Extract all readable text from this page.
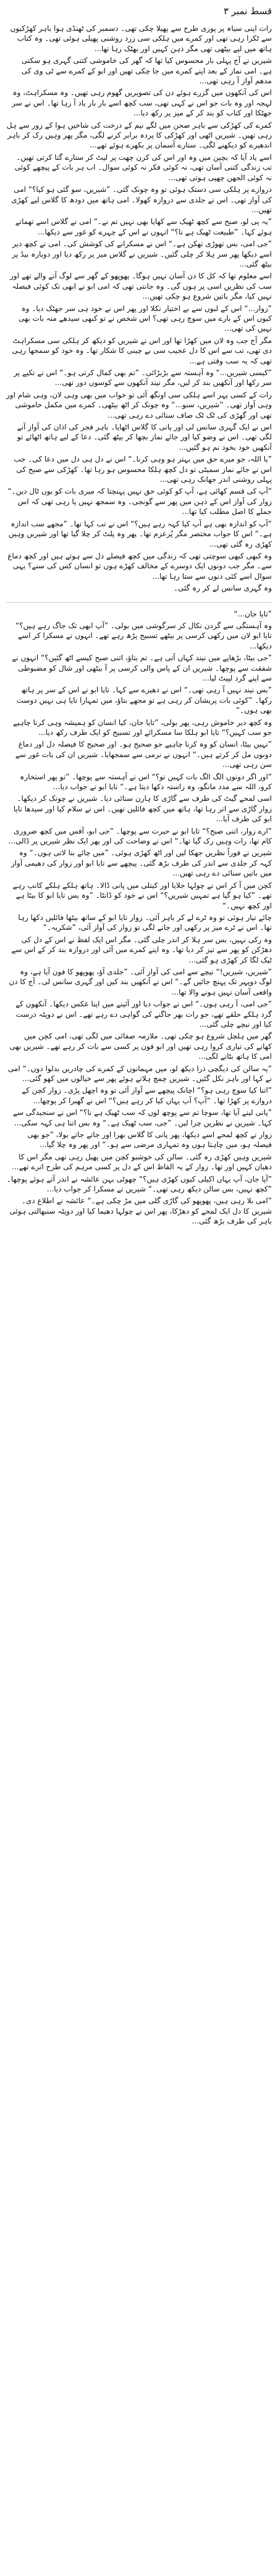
قسط نمبر ۳

رات اپنی سیاہ پر پوری طرح سے پھیلا چکی تھی۔ دسمبر کی ٹھنڈی ہوا باہر کھڑکیوں سے ٹکرا رہی تھی اور کمرے میں ہلکی سی زرد روشنی پھیلی ہوئی تھی۔ وہ کتاب ہاتھ میں لیے بیٹھی تھی مگر ذہن کہیں اور بھٹک رہا تھا...

شیریں نے آج پہلی بار محسوس کیا تھا کہ گھر کی خاموشی کتنی گہری ہو سکتی ہے۔ امی نماز کے بعد اپنے کمرے میں جا چکی تھیں اور ابو کے کمرے سے ٹی وی کی مدھم آواز آ رہی تھی...

اس کی آنکھوں میں گزرے ہوئے دن کی تصویریں گھوم رہی تھیں۔ وہ مسکراہٹ، وہ لہجہ اور وہ بات جو اس نے کہی تھی، سب کچھ اسے بار بار یاد آ رہا تھا۔ اس نے سر جھٹکا اور کتاب کو بند کر کے میز پر رکھ دیا...

کمرے کی کھڑکی سے باہر صحن میں لگے نیم کے درخت کی شاخیں ہوا کے زور سے ہل رہی تھیں۔ شیریں اٹھی اور کھڑکی کا پردہ برابر کرنے لگی، مگر پھر وہیں رک کر باہر اندھیرے کو دیکھنے لگی۔ ستارے آسمان پر بکھرے ہوئے تھے...

اسے یاد آیا کہ بچپن میں وہ اور اس کی کزن چھت پر لیٹ کر ستارے گنا کرتی تھیں۔ تب زندگی کتنی آسان تھی، نہ کوئی فکر نہ کوئی سوال۔ اب ہر بات کے پیچھے کوئی نہ کوئی الجھن چھپی ہوتی تھی...

دروازے پر ہلکی سی دستک ہوئی تو وہ چونک گئی۔ ”شیریں، سو گئی ہو کیا؟“ امی کی آواز تھی۔ اس نے جلدی سے دروازہ کھولا۔ امی ہاتھ میں دودھ کا گلاس لیے کھڑی تھیں...

”یہ پی لو، صبح سے کچھ ٹھیک سے کھایا بھی نہیں تم نے۔“ امی نے گلاس اسے تھماتے ہوئے کہا۔ ”طبیعت ٹھیک ہے نا؟“ انہوں نے اس کے چہرے کو غور سے دیکھا...

”جی امی، بس تھوڑی تھکن ہے۔“ اس نے مسکرانے کی کوشش کی۔ امی نے کچھ دیر اسے دیکھا پھر سر ہلا کر چلی گئیں۔ شیریں نے گلاس میز پر رکھ دیا اور دوبارہ بیڈ پر بیٹھ گئی...

اسے معلوم تھا کہ کل کا دن آسان نہیں ہوگا۔ پھوپھو کے گھر سے لوگ آنے والے تھے اور سب کی نظریں اسی پر ہوں گی۔ وہ جانتی تھی کہ امی ابو نے ابھی تک کوئی فیصلہ نہیں کیا، مگر باتیں شروع ہو چکی تھیں...

”زوار...“ اس کے لبوں سے بے اختیار نکلا اور پھر اس نے خود ہی سر جھٹک دیا۔ وہ کیوں اس کے بارے میں سوچ رہی تھی؟ اس شخص نے تو کبھی سیدھے منہ بات بھی نہیں کی تھی...

مگر آج جب وہ لان میں کھڑا تھا اور اس نے شیریں کو دیکھ کر ہلکی سی مسکراہٹ دی تھی، تب سے اس کا دل عجیب سی بے چینی کا شکار تھا۔ وہ خود کو سمجھا رہی تھی کہ یہ سب وقتی ہے...

”کیسی شیریں...“ وہ آہستہ سے بڑبڑائی۔ ”تم بھی کمال کرتی ہو۔“ اس نے تکیے پر سر رکھا اور آنکھیں بند کر لیں، مگر نیند آنکھوں سے کوسوں دور تھی...

رات کے کسی پہر اسے ہلکی سی اونگھ آئی تو خواب میں بھی وہی لان، وہی شام اور وہی آواز تھی۔ ”شیریں، سنو...“ وہ چونک کر اٹھ بیٹھی۔ کمرے میں مکمل خاموشی تھی اور گھڑی کی ٹک ٹک صاف سنائی دے رہی تھی...

اس نے ایک گہری سانس لی اور پانی کا گلاس اٹھایا۔ باہر فجر کی اذان کی آواز آنے لگی تھی۔ اس نے وضو کیا اور جائے نماز بچھا کر بیٹھ گئی۔ دعا کے لیے ہاتھ اٹھائے تو آنکھیں خود بخود نم ہو گئیں...

”یا اللہ، جو میرے حق میں بہتر ہو وہی کرنا۔“ اس نے دل ہی دل میں دعا کی۔ جب اس نے جائے نماز سمیٹی تو دل کچھ ہلکا محسوس ہو رہا تھا۔ کھڑکی سے صبح کی پہلی روشنی اندر جھانک رہی تھی...

”آپ کی قسم کھائی ہے، آپ کو کوئی حق نہیں پہنچتا کہ میری بات کو یوں ٹال دیں۔“ زوار کی آواز اس کے ذہن میں پھر سے گونجی۔ وہ سمجھ نہیں پا رہی تھی کہ اس جملے کا اصل مطلب کیا تھا...

”آپ کو اندازہ بھی ہے آپ کیا کہہ رہے ہیں؟“ اس نے تب کہا تھا۔ ”مجھے سب اندازہ ہے۔“ اس کا جواب مختصر مگر پُرعزم تھا۔ پھر وہ پلٹ کر چلا گیا تھا اور شیریں وہیں کھڑی رہ گئی تھی...

وہ کبھی کبھی سوچتی تھی کہ زندگی میں کچھ فیصلے دل سے ہوتے ہیں اور کچھ دماغ سے۔ مگر جب دونوں ایک دوسرے کے مخالف کھڑے ہوں تو انسان کس کی سنے؟ یہی سوال اسے کئی دنوں سے ستا رہا تھا...

وہ گہری سانس لے کر رہ گئی۔

”تایا جان...“

وہ آہستگی سے گردن نکال کر سرگوشی میں بولی۔ ”آپ ابھی تک جاگ رہے ہیں؟“ تایا ابو لان میں رکھی کرسی پر بیٹھے تسبیح پڑھ رہے تھے۔ انہوں نے مسکرا کر اسے دیکھا...

”جی بیٹا، بڑھاپے میں نیند کہاں آتی ہے۔ تم بتاؤ، اتنی صبح کیسے اٹھ گئیں؟“ انہوں نے شفقت سے پوچھا۔ شیریں ان کے پاس والی کرسی پر آ بیٹھی اور شال کو مضبوطی سے اپنے گرد لپیٹ لیا...

”بس نیند نہیں آ رہی تھی۔“ اس نے دھیرے سے کہا۔ تایا ابو نے اس کے سر پر ہاتھ رکھا۔ ”کوئی بات پریشان کر رہی ہے تو مجھے بتاؤ، میں تمہارا تایا ہی نہیں دوست بھی ہوں۔“

وہ کچھ دیر خاموش رہی، پھر بولی، ”تایا جان، کیا انسان کو ہمیشہ وہی کرنا چاہیے جو سب کہیں؟“ تایا ابو ہلکا سا مسکرائے اور تسبیح کو ایک طرف رکھ دیا...

”نہیں بیٹا، انسان کو وہ کرنا چاہیے جو صحیح ہو۔ اور صحیح کا فیصلہ دل اور دماغ دونوں مل کر کرتے ہیں۔“ انہوں نے نرمی سے سمجھایا۔ شیریں ان کی بات غور سے سن رہی تھی...

”اور اگر دونوں الگ الگ بات کہیں تو؟“ اس نے آہستہ سے پوچھا۔ ”تو پھر استخارہ کرو، اللہ سے مدد مانگو، وہ راستہ دکھا دیتا ہے۔“ تایا ابو نے جواب دیا...

اسی لمحے گیٹ کی طرف سے گاڑی کا ہارن سنائی دیا۔ شیریں نے چونک کر دیکھا۔ زوار گاڑی سے اتر رہا تھا، ہاتھ میں کچھ فائلیں تھیں۔ اس نے سلام کیا اور سیدھا تایا ابو کی طرف آیا...

”ارے زوار، اتنی صبح؟“ تایا ابو نے حیرت سے پوچھا۔ ”جی ابو، آفس میں کچھ ضروری کام تھا، رات وہیں رک گیا تھا۔“ اس نے وضاحت کی اور پھر ایک نظر شیریں پر ڈالی...

شیریں نے فوراً نظریں جھکا لیں اور اٹھ کھڑی ہوئی۔ ”میں چائے بنا لاتی ہوں۔“ وہ کہہ کر جلدی سے اندر کی طرف بڑھ گئی۔ پیچھے سے تایا ابو اور زوار کی دھیمی آواز میں باتیں سنائی دے رہی تھیں...

کچن میں آ کر اس نے چولہا جلایا اور کیتلی میں پانی ڈالا۔ ہاتھ ہلکے ہلکے کانپ رہے تھے۔ ”کیا ہو گیا ہے تمہیں شیریں؟“ اس نے خود کو ڈانٹا۔ ”وہ بس تایا ابو کا بیٹا ہے اور کچھ نہیں۔“

چائے تیار ہوئی تو وہ ٹرے لے کر باہر آئی۔ زوار تایا ابو کے ساتھ بیٹھا فائلیں دکھا رہا تھا۔ اس نے ٹرے میز پر رکھی اور جانے لگی تو زوار کی آواز آئی، ”شکریہ۔“

وہ رکی نہیں، بس سر ہلا کر اندر چلی گئی۔ مگر اس ایک لفظ نے اس کے دل کی دھڑکن کو پھر سے تیز کر دیا تھا۔ وہ اپنے کمرے میں آئی اور دروازہ بند کر کے اس سے ٹیک لگا کر کھڑی ہو گئی...

”شیریں، شیریں!“ نیچے سے امی کی آواز آئی۔ ”جلدی آؤ، پھوپھو کا فون آیا ہے، وہ لوگ دوپہر تک پہنچ جائیں گے۔“ اس نے آنکھیں بند کیں اور گہری سانس لی۔ آج کا دن واقعی آسان نہیں ہونے والا تھا...

”جی امی، آ رہی ہوں۔“ اس نے جواب دیا اور آئینے میں اپنا عکس دیکھا۔ آنکھوں کے گرد ہلکے حلقے تھے، جو رات بھر جاگنے کی گواہی دے رہے تھے۔ اس نے دوپٹہ درست کیا اور نیچے چلی گئی...

گھر میں ہلچل شروع ہو چکی تھی۔ ملازمہ صفائی میں لگی تھی، امی کچن میں کھانے کی تیاری کروا رہی تھیں اور ابو فون پر کسی سے بات کر رہے تھے۔ شیریں بھی امی کا ہاتھ بٹانے لگی...

”یہ سالن کی دیگچی ذرا دیکھ لو، میں مہمانوں کے کمرے کی چادریں بدلوا دوں۔“ امی نے کہا اور باہر نکل گئیں۔ شیریں چمچ ہلاتے ہوئے پھر سے خیالوں میں کھو گئی...

”اتنا کیا سوچ رہی ہو؟“ اچانک پیچھے سے آواز آئی تو وہ اچھل پڑی۔ زوار کچن کے دروازے پر کھڑا تھا۔ ”آپ؟ آپ یہاں کیا کر رہے ہیں؟“ اس نے گھبرا کر پوچھا...

”پانی لینے آیا تھا، سوچا تم سے پوچھ لوں کہ سب ٹھیک ہے نا؟“ اس نے سنجیدگی سے کہا۔ شیریں نے نظریں چرا لیں۔ ”جی، سب ٹھیک ہے۔“ وہ بس اتنا ہی کہہ سکی...

زوار نے کچھ لمحے اسے دیکھا، پھر پانی کا گلاس بھرا اور جاتے جاتے بولا، ”جو بھی فیصلہ ہو، میں چاہتا ہوں وہ تمہاری مرضی سے ہو۔“ اور پھر وہ چلا گیا...

شیریں وہیں کھڑی رہ گئی۔ سالن کی خوشبو کچن میں پھیل رہی تھی مگر اس کا دھیان کہیں اور تھا۔ زوار کے یہ الفاظ اس کے دل پر کسی مرہم کی طرح اترے تھے...

”آپا جان، آپ یہاں اکیلی کیوں کھڑی ہیں؟“ چھوٹی بہن عائشہ نے اندر آتے ہوئے پوچھا۔ ”کچھ نہیں، بس سالن دیکھ رہی تھی۔“ شیریں نے مسکرا کر جواب دیا...

”امی بلا رہی ہیں، پھوپھو کی گاڑی گلی میں مڑ چکی ہے۔“ عائشہ نے اطلاع دی۔ شیریں کا دل ایک لمحے کو دھڑکا، پھر اس نے چولہا دھیما کیا اور دوپٹہ سنبھالتی ہوئی باہر کی طرف بڑھ گئی...
